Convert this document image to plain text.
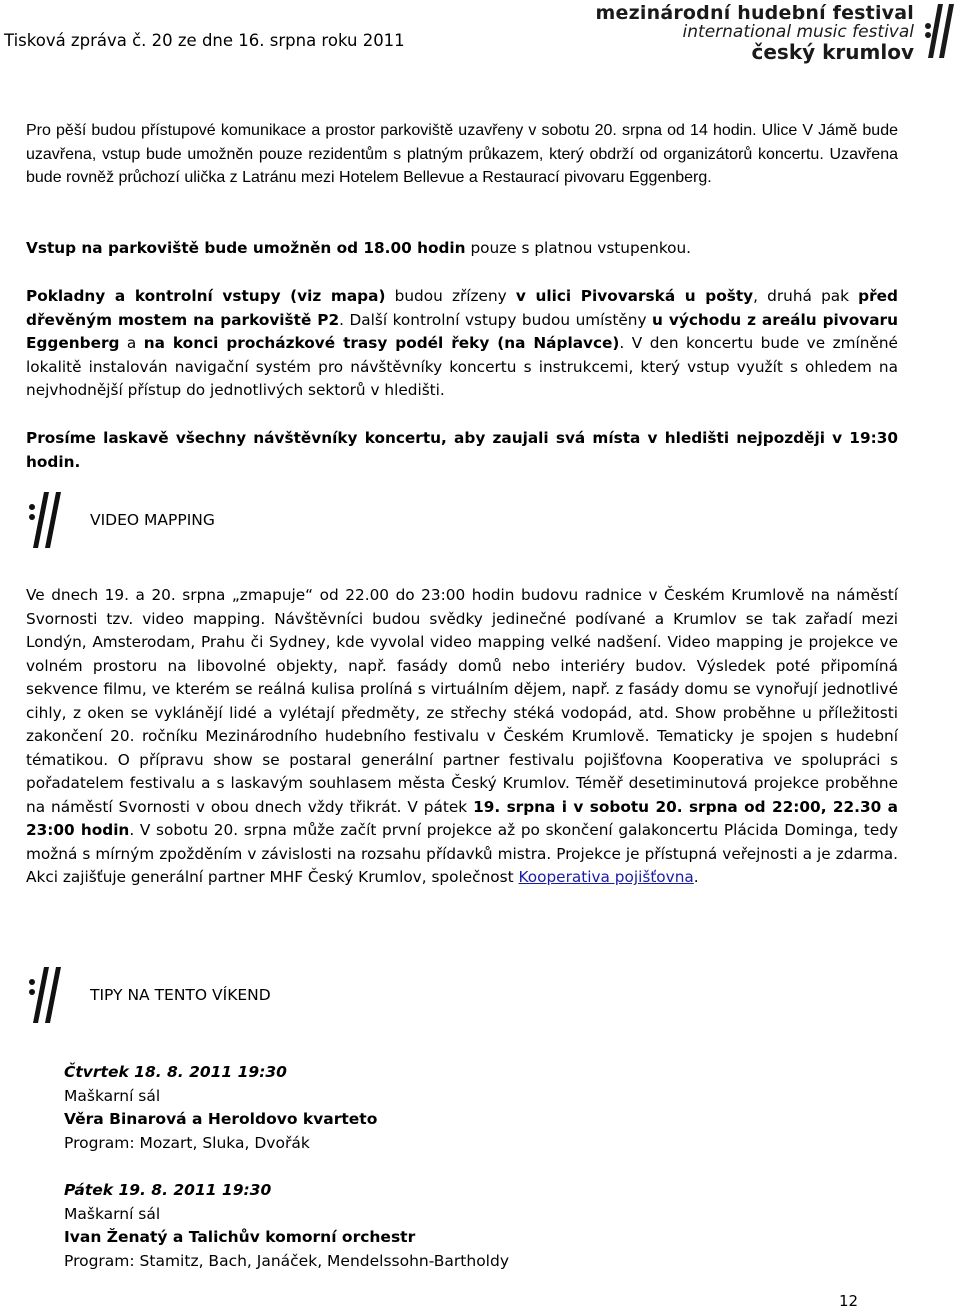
Tisková zpráva č. 20 ze dne 16. srpna roku 2011
mezinárodní hudební festival
international music festival
český krumlov

Pro pěší budou přístupové komunikace a prostor parkoviště uzavřeny v sobotu 20. srpna od 14 hodin. Ulice V Jámě bude uzavřena, vstup bude umožněn pouze rezidentům s platným průkazem, který obdrží od organizátorů koncertu. Uzavřena bude rovněž průchozí ulička z Latránu mezi Hotelem Bellevue a Restaurací pivovaru Eggenberg.

Vstup na parkoviště bude umožněn od 18.00 hodin pouze s platnou vstupenkou.

Pokladny a kontrolní vstupy (viz mapa) budou zřízeny v ulici Pivovarská u pošty, druhá pak před dřevěným mostem na parkoviště P2. Další kontrolní vstupy budou umístěny u východu z areálu pivovaru Eggenberg a na konci procházkové trasy podél řeky (na Náplavce). V den koncertu bude ve zmíněné lokalitě instalován navigační systém pro návštěvníky koncertu s instrukcemi, který vstup využít s ohledem na nejvhodnější přístup do jednotlivých sektorů v hledišti.

Prosíme laskavě všechny návštěvníky koncertu, aby zaujali svá místa v hledišti nejpozději v 19:30 hodin.

VIDEO MAPPING

Ve dnech 19. a 20. srpna „zmapuje“ od 22.00 do 23:00 hodin budovu radnice v Českém Krumlově na náměstí Svornosti tzv. video mapping. Návštěvníci budou svědky jedinečné podívané a Krumlov se tak zařadí mezi Londýn, Amsterodam, Prahu či Sydney, kde vyvolal video mapping velké nadšení. Video mapping je projekce ve volném prostoru na libovolné objekty, např. fasády domů nebo interiéry budov. Výsledek poté připomíná sekvence filmu, ve kterém se reálná kulisa prolíná s virtuálním dějem, např. z fasády domu se vynořují jednotlivé cihly, z oken se vyklánějí lidé a vylétají předměty, ze střechy stéká vodopád, atd. Show proběhne u příležitosti zakončení 20. ročníku Mezinárodního hudebního festivalu v Českém Krumlově. Tematicky je spojen s hudební tématikou. O přípravu show se postaral generální partner festivalu pojišťovna Kooperativa ve spolupráci s pořadatelem festivalu a s laskavým souhlasem města Český Krumlov. Téměř desetiminutová projekce proběhne na náměstí Svornosti v obou dnech vždy třikrát. V pátek 19. srpna i v sobotu 20. srpna od 22:00, 22.30 a 23:00 hodin. V sobotu 20. srpna může začít první projekce až po skončení galakoncertu Plácida Dominga, tedy možná s mírným zpožděním v závislosti na rozsahu přídavků mistra. Projekce je přístupná veřejnosti a je zdarma. Akci zajišťuje generální partner MHF Český Krumlov, společnost Kooperativa pojišťovna.

TIPY NA TENTO VÍKEND
Čtvrtek 18. 8. 2011 19:30
Maškarní sál
Věra Binarová a Heroldovo kvarteto
Program: Mozart, Sluka, Dvořák
Pátek 19. 8. 2011 19:30
Maškarní sál
Ivan Ženatý a Talichův komorní orchestr
Program: Stamitz, Bach, Janáček, Mendelssohn-Bartholdy
12
